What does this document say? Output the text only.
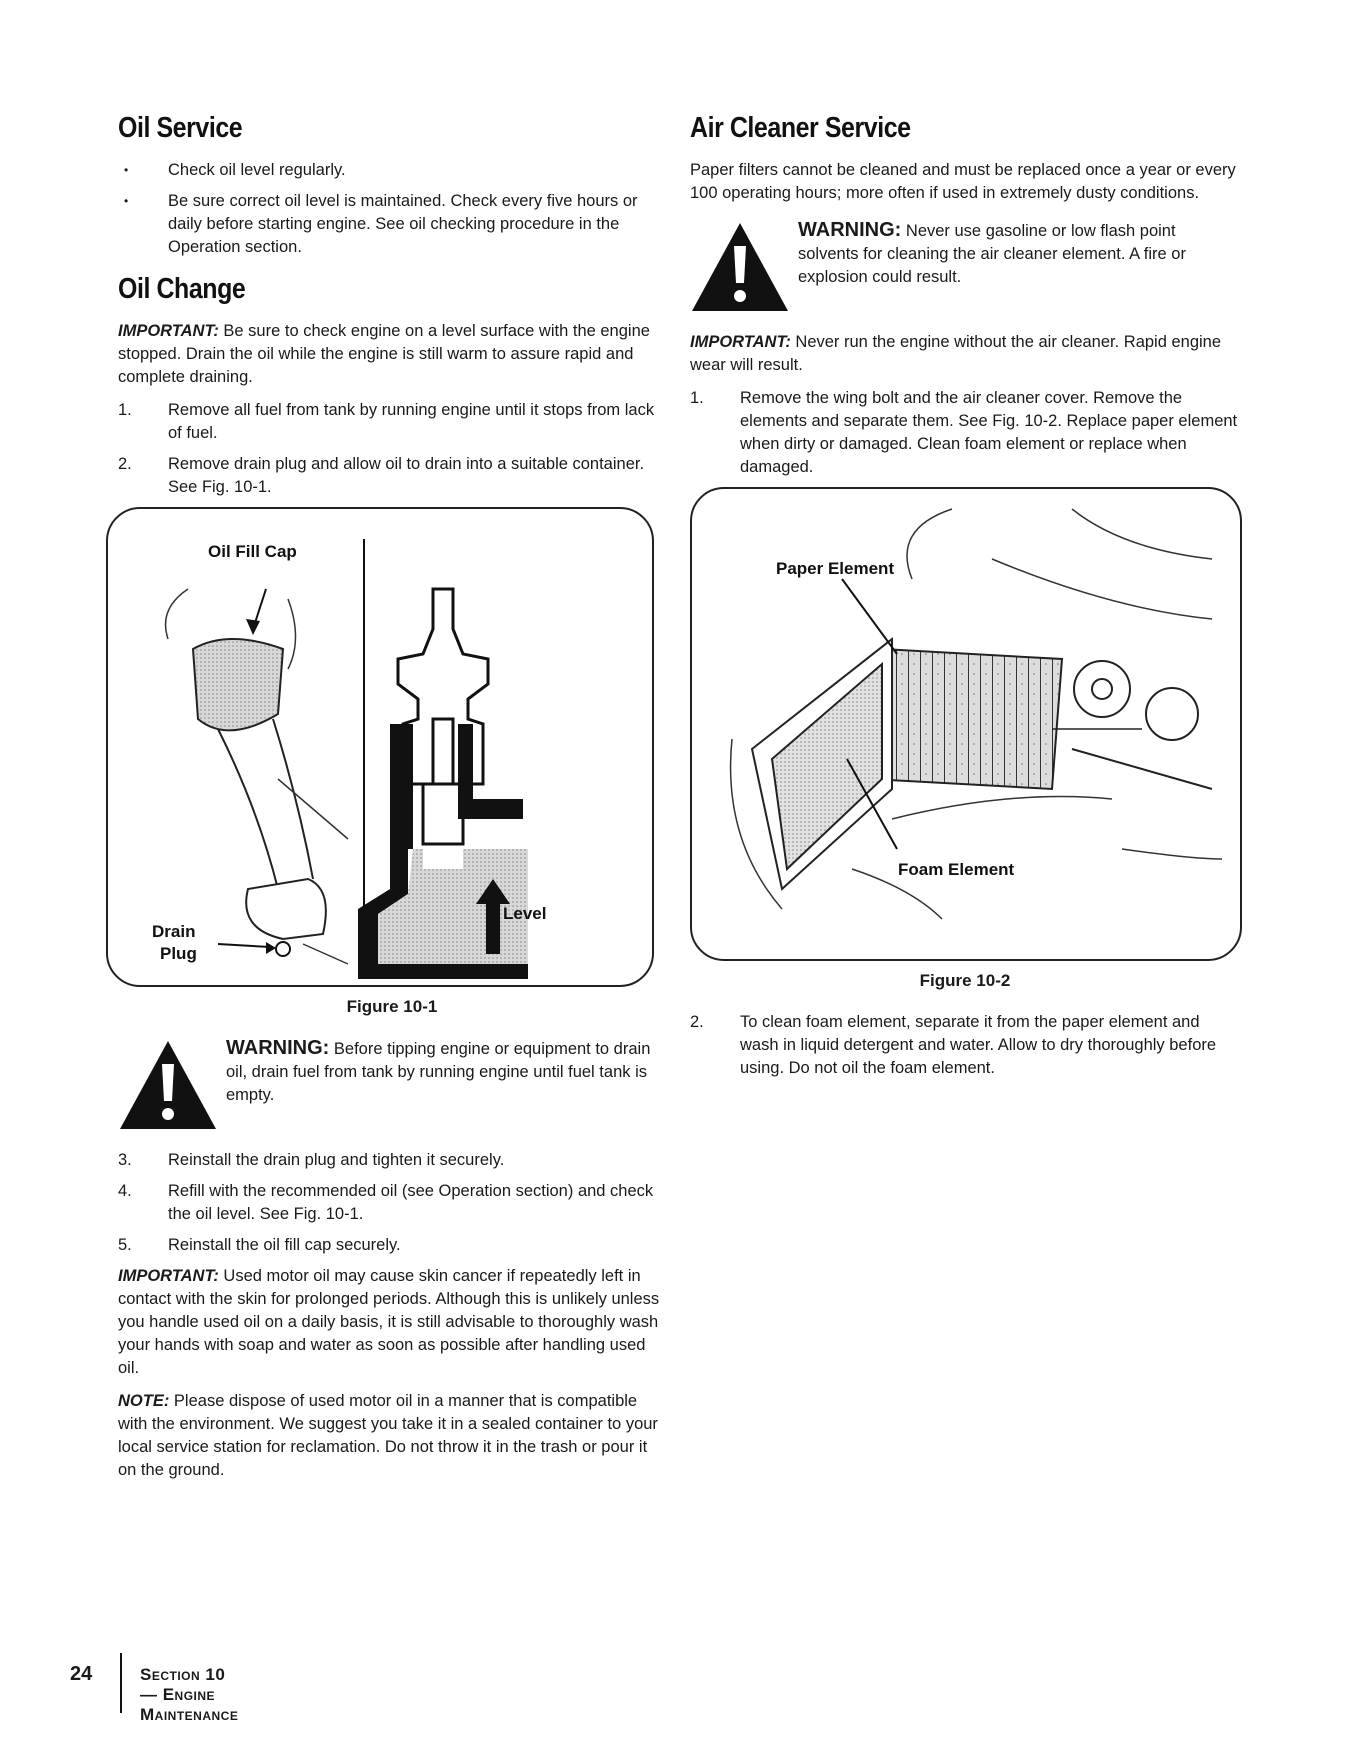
Oil Service
• Check oil level regularly.
• Be sure correct oil level is maintained. Check every five hours or daily before starting engine. See oil checking procedure in the Operation section.
Oil Change

IMPORTANT: Be sure to check engine on a level surface with the engine stopped. Drain the oil while the engine is still warm to assure rapid and complete draining.

1. Remove all fuel from tank by running engine until it stops from lack of fuel.
2. Remove drain plug and allow oil to drain into a suitable container. See Fig. 10-1.
Oil Fill Cap
Drain
Plug
Level
Figure 10-1

WARNING: Before tipping engine or equipment to drain oil, drain fuel from tank by running engine until fuel tank is empty.

3. Reinstall the drain plug and tighten it securely.
4. Refill with the recommended oil (see Operation section) and check the oil level. See Fig. 10-1.
5. Reinstall the oil fill cap securely.

IMPORTANT: Used motor oil may cause skin cancer if repeatedly left in contact with the skin for prolonged periods. Although this is unlikely unless you handle used oil on a daily basis, it is still advisable to thoroughly wash your hands with soap and water as soon as possible after handling used oil.

NOTE: Please dispose of used motor oil in a manner that is compatible with the environment. We suggest you take it in a sealed container to your local service station for reclamation. Do not throw it in the trash or pour it on the ground.

Air Cleaner Service

Paper filters cannot be cleaned and must be replaced once a year or every 100 operating hours; more often if used in extremely dusty conditions.

WARNING: Never use gasoline or low flash point solvents for cleaning the air cleaner element. A fire or explosion could result.

IMPORTANT: Never run the engine without the air cleaner. Rapid engine wear will result.

1. Remove the wing bolt and the air cleaner cover. Remove the elements and separate them. See Fig. 10-2. Replace paper element when dirty or damaged. Clean foam element or replace when damaged.
Paper Element
Foam Element
Figure 10-2
2. To clean foam element, separate it from the paper element and wash in liquid detergent and water. Allow to dry thoroughly before using. Do not oil the foam element.
24	Section 10— Engine Maintenance
